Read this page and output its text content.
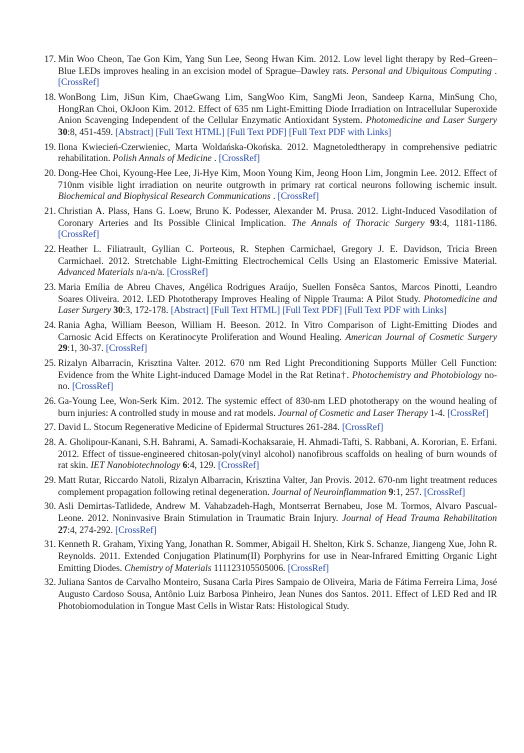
17. Min Woo Cheon, Tae Gon Kim, Yang Sun Lee, Seong Hwan Kim. 2012. Low level light therapy by Red–Green–Blue LEDs improves healing in an excision model of Sprague–Dawley rats. Personal and Ubiquitous Computing . [CrossRef]
18. WonBong Lim, JiSun Kim, ChaeGwang Lim, SangWoo Kim, SangMi Jeon, Sandeep Karna, MinSung Cho, HongRan Choi, OkJoon Kim. 2012. Effect of 635 nm Light-Emitting Diode Irradiation on Intracellular Superoxide Anion Scavenging Independent of the Cellular Enzymatic Antioxidant System. Photomedicine and Laser Surgery 30:8, 451-459. [Abstract] [Full Text HTML] [Full Text PDF] [Full Text PDF with Links]
19. Ilona Kwiecień-Czerwieniec, Marta Woldańska-Okońska. 2012. Magnetoledtherapy in comprehensive pediatric rehabilitation. Polish Annals of Medicine . [CrossRef]
20. Dong-Hee Choi, Kyoung-Hee Lee, Ji-Hye Kim, Moon Young Kim, Jeong Hoon Lim, Jongmin Lee. 2012. Effect of 710nm visible light irradiation on neurite outgrowth in primary rat cortical neurons following ischemic insult. Biochemical and Biophysical Research Communications . [CrossRef]
21. Christian A. Plass, Hans G. Loew, Bruno K. Podesser, Alexander M. Prusa. 2012. Light-Induced Vasodilation of Coronary Arteries and Its Possible Clinical Implication. The Annals of Thoracic Surgery 93:4, 1181-1186. [CrossRef]
22. Heather L. Filiatrault, Gyllian C. Porteous, R. Stephen Carmichael, Gregory J. E. Davidson, Tricia Breen Carmichael. 2012. Stretchable Light-Emitting Electrochemical Cells Using an Elastomeric Emissive Material. Advanced Materials n/a-n/a. [CrossRef]
23. Maria Emília de Abreu Chaves, Angélica Rodrigues Araújo, Suellen Fonsêca Santos, Marcos Pinotti, Leandro Soares Oliveira. 2012. LED Phototherapy Improves Healing of Nipple Trauma: A Pilot Study. Photomedicine and Laser Surgery 30:3, 172-178. [Abstract] [Full Text HTML] [Full Text PDF] [Full Text PDF with Links]
24. Rania Agha, William Beeson, William H. Beeson. 2012. In Vitro Comparison of Light-Emitting Diodes and Carnosic Acid Effects on Keratinocyte Proliferation and Wound Healing. American Journal of Cosmetic Surgery 29:1, 30-37. [CrossRef]
25. Rizalyn Albarracin, Krisztina Valter. 2012. 670 nm Red Light Preconditioning Supports Müller Cell Function: Evidence from the White Light-induced Damage Model in the Rat Retina†. Photochemistry and Photobiology no-no. [CrossRef]
26. Ga-Young Lee, Won-Serk Kim. 2012. The systemic effect of 830-nm LED phototherapy on the wound healing of burn injuries: A controlled study in mouse and rat models. Journal of Cosmetic and Laser Therapy 1-4. [CrossRef]
27. David L. Stocum Regenerative Medicine of Epidermal Structures 261-284. [CrossRef]
28. A. Gholipour-Kanani, S.H. Bahrami, A. Samadi-Kochaksaraie, H. Ahmadi-Tafti, S. Rabbani, A. Kororian, E. Erfani. 2012. Effect of tissue-engineered chitosan-poly(vinyl alcohol) nanofibrous scaffolds on healing of burn wounds of rat skin. IET Nanobiotechnology 6:4, 129. [CrossRef]
29. Matt Rutar, Riccardo Natoli, Rizalyn Albarracin, Krisztina Valter, Jan Provis. 2012. 670-nm light treatment reduces complement propagation following retinal degeneration. Journal of Neuroinflammation 9:1, 257. [CrossRef]
30. Asli Demirtas-Tatlidede, Andrew M. Vahabzadeh-Hagh, Montserrat Bernabeu, Jose M. Tormos, Alvaro Pascual-Leone. 2012. Noninvasive Brain Stimulation in Traumatic Brain Injury. Journal of Head Trauma Rehabilitation 27:4, 274-292. [CrossRef]
31. Kenneth R. Graham, Yixing Yang, Jonathan R. Sommer, Abigail H. Shelton, Kirk S. Schanze, Jiangeng Xue, John R. Reynolds. 2011. Extended Conjugation Platinum(II) Porphyrins for use in Near-Infrared Emitting Organic Light Emitting Diodes. Chemistry of Materials 111123105505006. [CrossRef]
32. Juliana Santos de Carvalho Monteiro, Susana Carla Pires Sampaio de Oliveira, Maria de Fátima Ferreira Lima, José Augusto Cardoso Sousa, Antônio Luiz Barbosa Pinheiro, Jean Nunes dos Santos. 2011. Effect of LED Red and IR Photobiomodulation in Tongue Mast Cells in Wistar Rats: Histological Study.
